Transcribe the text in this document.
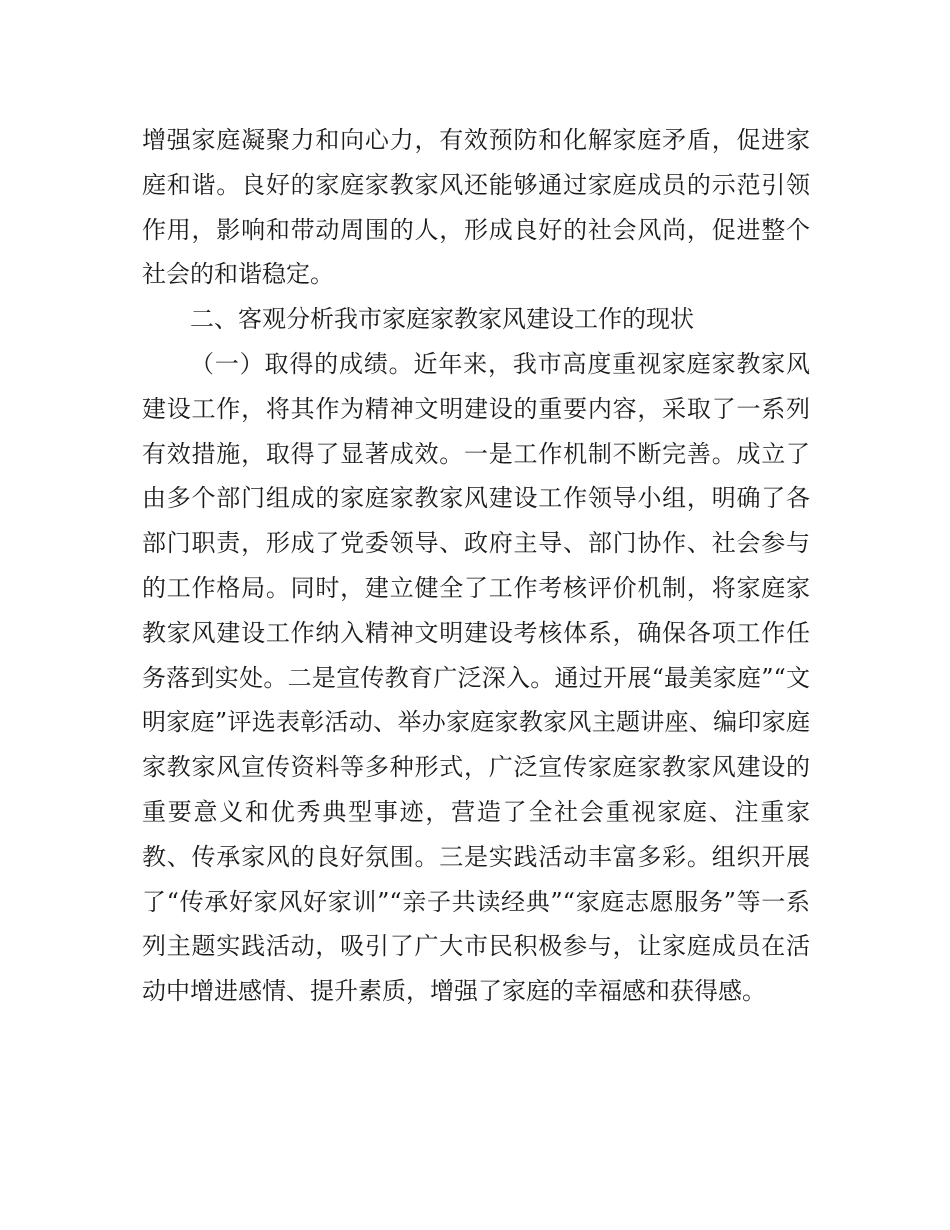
增强家庭凝聚力和向心力，有效预防和化解家庭矛盾，促进家庭和谐。良好的家庭家教家风还能够通过家庭成员的示范引领作用，影响和带动周围的人，形成良好的社会风尚，促进整个社会的和谐稳定。

二、客观分析我市家庭家教家风建设工作的现状

（一）取得的成绩。近年来，我市高度重视家庭家教家风建设工作，将其作为精神文明建设的重要内容，采取了一系列有效措施，取得了显著成效。一是工作机制不断完善。成立了由多个部门组成的家庭家教家风建设工作领导小组，明确了各部门职责，形成了党委领导、政府主导、部门协作、社会参与的工作格局。同时，建立健全了工作考核评价机制，将家庭家教家风建设工作纳入精神文明建设考核体系，确保各项工作任务落到实处。二是宣传教育广泛深入。通过开展“最美家庭”“文明家庭”评选表彰活动、举办家庭家教家风主题讲座、编印家庭家教家风宣传资料等多种形式，广泛宣传家庭家教家风建设的重要意义和优秀典型事迹，营造了全社会重视家庭、注重家教、传承家风的良好氛围。三是实践活动丰富多彩。组织开展了“传承好家风好家训”“亲子共读经典”“家庭志愿服务”等一系列主题实践活动，吸引了广大市民积极参与，让家庭成员在活动中增进感情、提升素质，增强了家庭的幸福感和获得感。
